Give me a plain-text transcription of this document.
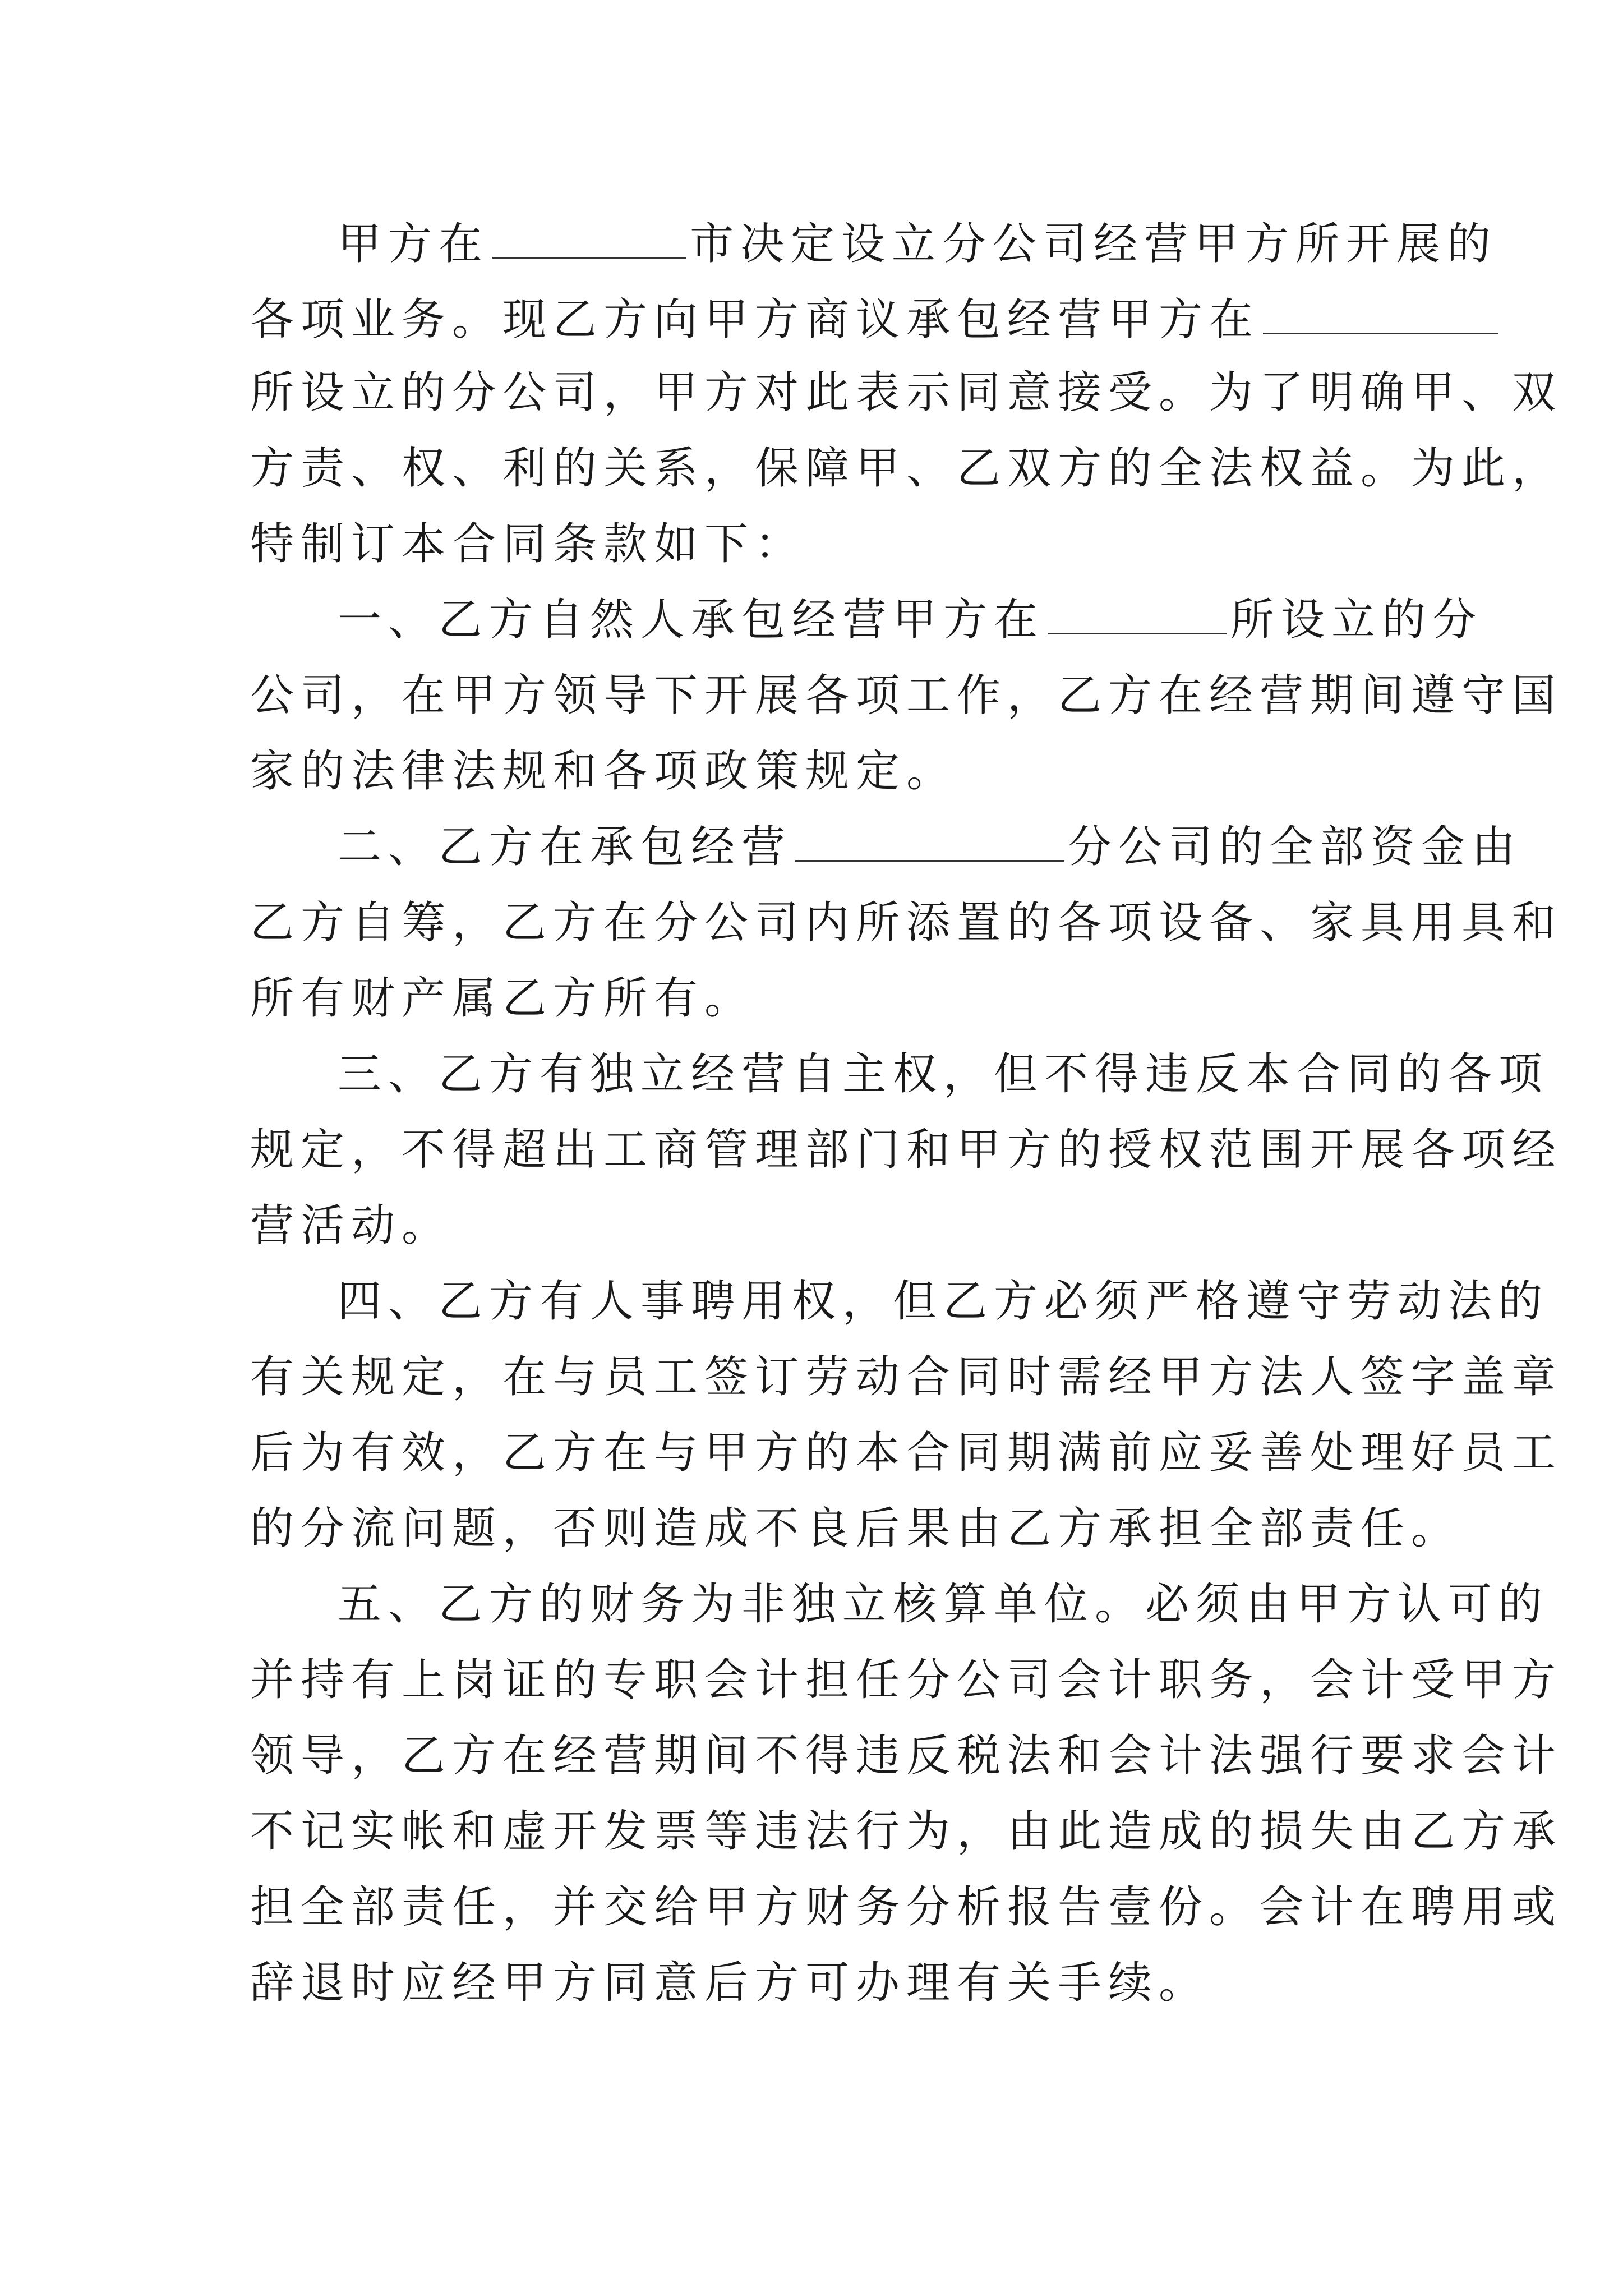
甲方在	市决定设立分公司经营甲方所开展的
各项业务。现乙方向甲方商议承包经营甲方在
所设立的分公司，甲方对此表示同意接受。为了明确甲、双
方责、权、利的关系，保障甲、乙双方的全法权益。为此，
特制订本合同条款如下：
一、乙方自然人承包经营甲方在	所设立的分
公司，在甲方领导下开展各项工作，乙方在经营期间遵守国
家的法律法规和各项政策规定。
二、乙方在承包经营	分公司的全部资金由
乙方自筹，乙方在分公司内所添置的各项设备、家具用具和
所有财产属乙方所有。
三、乙方有独立经营自主权，但不得违反本合同的各项
规定，不得超出工商管理部门和甲方的授权范围开展各项经
营活动。
四、乙方有人事聘用权，但乙方必须严格遵守劳动法的
有关规定，在与员工签订劳动合同时需经甲方法人签字盖章
后为有效，乙方在与甲方的本合同期满前应妥善处理好员工
的分流问题，否则造成不良后果由乙方承担全部责任。
五、乙方的财务为非独立核算单位。必须由甲方认可的
并持有上岗证的专职会计担任分公司会计职务，会计受甲方
领导，乙方在经营期间不得违反税法和会计法强行要求会计
不记实帐和虚开发票等违法行为，由此造成的损失由乙方承
担全部责任，并交给甲方财务分析报告壹份。会计在聘用或
辞退时应经甲方同意后方可办理有关手续。
